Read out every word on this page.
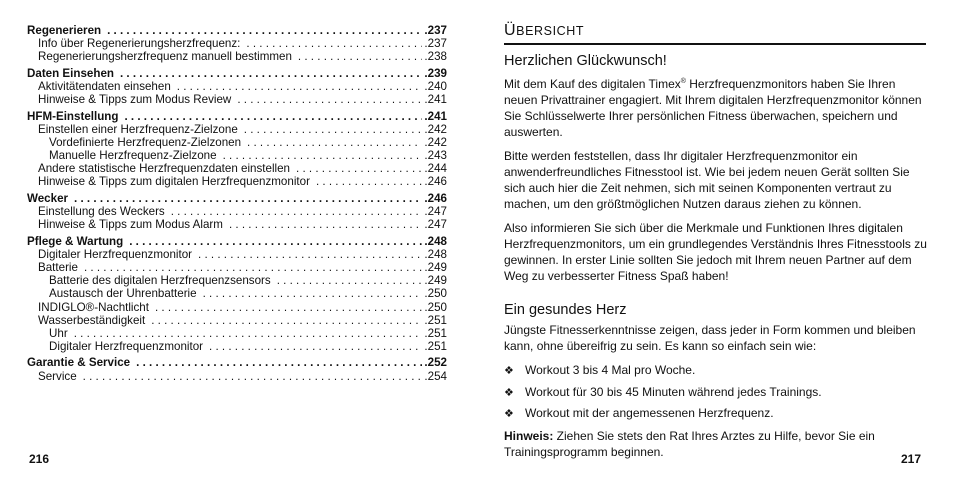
Regenerieren . . .	.237
Info über Regenerierungsherzfrequenz: . . .	.237
Regenerierungsherzfrequenz manuell bestimmen . . .	.238
Daten Einsehen . . .	.239
Aktivitätendaten einsehen . . .	.240
Hinweise & Tipps zum Modus Review . . .	.241
HFM-Einstellung . . .	.241
Einstellen einer Herzfrequenz-Zielzone . . .	.242
Vordefinierte Herzfrequenz-Zielzonen . . .	.242
Manuelle Herzfrequenz-Zielzone . . .	.243
Andere statistische Herzfrequenzdaten einstellen . . .	.244
Hinweise & Tipps zum digitalen Herzfrequenzmonitor . . .	.246
Wecker . . .	.246
Einstellung des Weckers . . .	.247
Hinweise & Tipps zum Modus Alarm . . .	.247
Pflege & Wartung . . .	.248
Digitaler Herzfrequenzmonitor . . .	.248
Batterie . . .	.249
Batterie des digitalen Herzfrequenzsensors . . .	.249
Austausch der Uhrenbatterie . . .	.250
INDIGLO®-Nachtlicht . . .	.250
Wasserbeständigkeit . . .	.251
Uhr . . .	.251
Digitaler Herzfrequenzmonitor . . .	.251
Garantie & Service . . .	.252
Service . . .	.254
216
ÜBERSICHT
Herzlichen Glückwunsch!

Mit dem Kauf des digitalen Timex® Herzfrequenzmonitors haben Sie Ihren neuen Privattrainer engagiert. Mit Ihrem digitalen Herzfrequenzmonitor können Sie Schlüsselwerte Ihrer persönlichen Fitness überwachen, speichern und auswerten.

Bitte werden feststellen, dass Ihr digitaler Herzfrequenzmonitor ein anwenderfreundliches Fitnesstool ist. Wie bei jedem neuen Gerät sollten Sie sich auch hier die Zeit nehmen, sich mit seinen Komponenten vertraut zu machen, um den größtmöglichen Nutzen daraus ziehen zu können.

Also informieren Sie sich über die Merkmale und Funktionen Ihres digitalen Herzfrequenzmonitors, um ein grundlegendes Verständnis Ihres Fitnesstools zu gewinnen. In erster Linie sollten Sie jedoch mit Ihrem neuen Partner auf dem Weg zu verbesserter Fitness Spaß haben!

Ein gesundes Herz

Jüngste Fitnesserkenntnisse zeigen, dass jeder in Form kommen und bleiben kann, ohne übereifrig zu sein. Es kann so einfach sein wie:

❖ Workout 3 bis 4 Mal pro Woche.
❖ Workout für 30 bis 45 Minuten während jedes Trainings.
❖ Workout mit der angemessenen Herzfrequenz.

Hinweis: Ziehen Sie stets den Rat Ihres Arztes zu Hilfe, bevor Sie ein Trainingsprogramm beginnen.	217
